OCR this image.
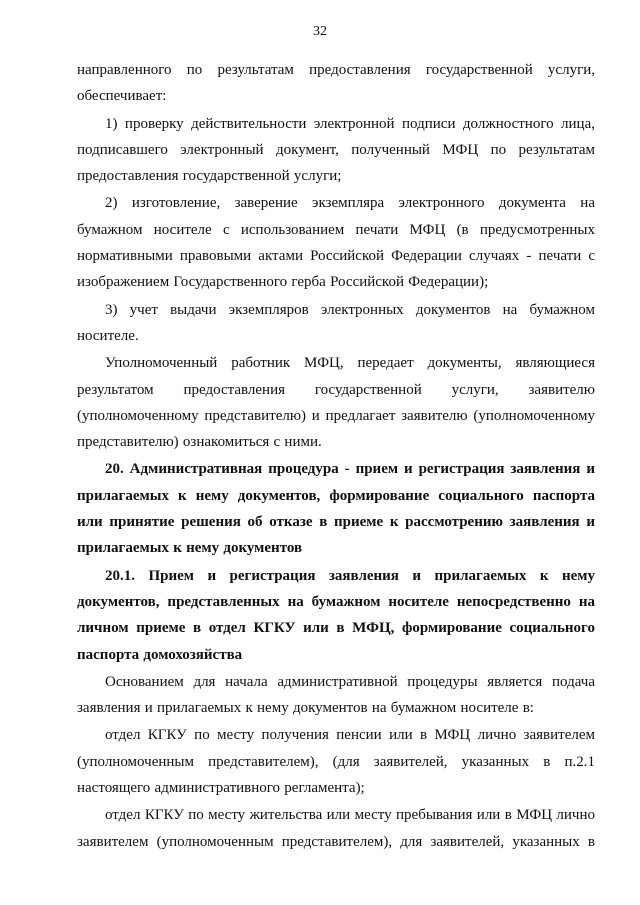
32

направленного по результатам предоставления государственной услуги, обеспечивает:

1) проверку действительности электронной подписи должностного лица, подписавшего электронный документ, полученный МФЦ по результатам предоставления государственной услуги;

2) изготовление, заверение экземпляра электронного документа на бумажном носителе с использованием печати МФЦ (в предусмотренных нормативными правовыми актами Российской Федерации случаях - печати с изображением Государственного герба Российской Федерации);

3) учет выдачи экземпляров электронных документов на бумажном носителе.

Уполномоченный работник МФЦ, передает документы, являющиеся результатом предоставления государственной услуги, заявителю (уполномоченному представителю) и предлагает заявителю (уполномоченному представителю) ознакомиться с ними.

20. Административная процедура - прием и регистрация заявления и прилагаемых к нему документов, формирование социального паспорта или принятие решения об отказе в приеме к рассмотрению заявления и прилагаемых к нему документов

20.1. Прием и регистрация заявления и прилагаемых к нему документов, представленных на бумажном носителе непосредственно на личном приеме в отдел КГКУ или в МФЦ, формирование социального паспорта домохозяйства

Основанием для начала административной процедуры является подача заявления и прилагаемых к нему документов на бумажном носителе в:

отдел КГКУ по месту получения пенсии или в МФЦ лично заявителем (уполномоченным представителем), (для заявителей, указанных в п.2.1 настоящего административного регламента);

отдел КГКУ по месту жительства или месту пребывания или в МФЦ лично заявителем (уполномоченным представителем), для заявителей, указанных в
